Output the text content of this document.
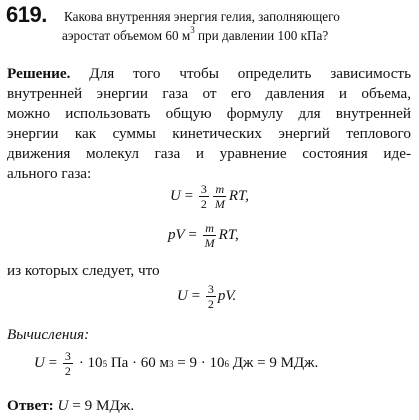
619. Какова внутренняя энергия гелия, заполняющего
аэростат объемом 60 $м^3$ при давлении 100 кПа?
Решение. Для того чтобы определить зависимость
внутренней энергии газа от его давления и объема,
можно использовать общую формулу для внутренней
энергии как суммы кинетических энергий теплового
движения молекул газа и уравнение состояния иде-
ального газа:
$U = \frac{3}{2} \frac{m}{M}$ RT,
pV = $\frac{m}{M}$ RT,
из которых следует, что
$U = \frac{3}{2}$ pV.
Вычисления:
$U = \frac{3}{2} \cdot 10$ 5 Па · 60 м 3 = 9 · 10 6 Дж = 9 МДж.
Ответ: U = 9 МДж.
